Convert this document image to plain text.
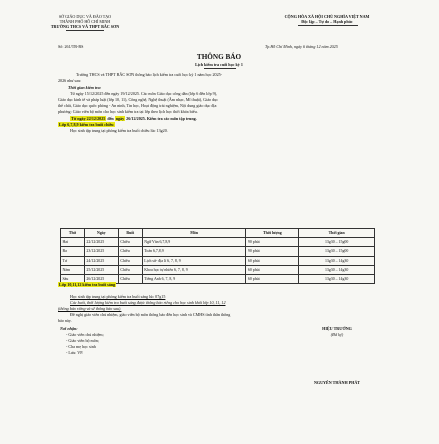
SỞ GIÁO DỤC VÀ ĐÀO TẠO
THÀNH PHỐ HỒ CHÍ MINH
TRƯỜNG THCS VÀ THPT BẮC SƠN
CỘNG HÒA XÃ HỘI CHỦ NGHĨA VIỆT NAM
Độc lập – Tự do – Hạnh phúc
Số: 261/TB-BS	Tp.Hồ Chí Minh, ngày 6 tháng 12 năm 2025
THÔNG BÁO
Lịch kiểm tra cuối học kỳ 1
Trường THCS và THPT BẮC SƠN thông báo lịch kiểm tra cuối học kỳ 1 năm học 2025-
2026 như sau:
Thời gian kiểm tra:
Từ ngày 15/12/2025 đến ngày 19/12/2025. Các môn Giáo dục công dân (lớp 6 đến lớp 9),
Giáo dục kinh tế và pháp luật (lớp 10, 11), Công nghệ, Nghệ thuật (Âm nhạc, Mĩ thuật), Giáo dục
thể chất, Giáo dục quốc phòng - An ninh, Tin học, Hoạt động trải nghiệm, Nội dung giáo dục địa
phương: Giáo viên bộ môn cho học sinh kiểm tra tại lớp theo lịch học thời khóa biểu.
Từ ngày 22/12/2025 đến ngày 26/12/2025. Kiểm tra các môn tập trung.
Lớp 6,7,8,9 kiểm tra buổi chiều
Học sinh tập trung tại phòng kiểm tra buổi chiều lúc 13g20.
Thứ	Ngày	Buổi	Môn	Thời lượng	Thời gian
Hai	22/12/2025	Chiều	Ngữ Văn 6,7,8,9	90 phút	13g30 – 15g00
Ba	23/12/2025	Chiều	Toán 6,7,8,9	90 phút	13g30 – 15g00
Tư	24/12/2025	Chiều	Lịch sử- địa lí 6, 7, 8, 9	60 phút	13g30 – 14g30
Năm	25/12/2025	Chiều	Khoa học tự nhiên 6, 7, 8, 9	60 phút	13g30 – 14g30
Sáu	26/12/2025	Chiều	Tiếng Anh 6, 7, 8, 9	60 phút	13g30 – 14g30
Lớp 10,11,12 kiểm tra buổi sáng
Học sinh tập trung tại phòng kiểm tra buổi sáng lúc 07g15
Các buổi, thời lượng kiểm tra buổi sáng được thông báo riêng cho học sinh khối lớp 10, 11, 12
(thông báo riêng và sẽ thông báo sau).
Đề nghị giáo viên chủ nhiệm, giáo viên bộ môn thông báo đến học sinh và CMHS tình thần thông
báo này.
Nơi nhận:
- Giáo viên chủ nhiệm;
- Giáo viên bộ môn;
- Cha mẹ học sinh
- Lưu: VP.
HIỆU TRƯỞNG
(Đã ký)
NGUYỄN THÀNH PHÁT
